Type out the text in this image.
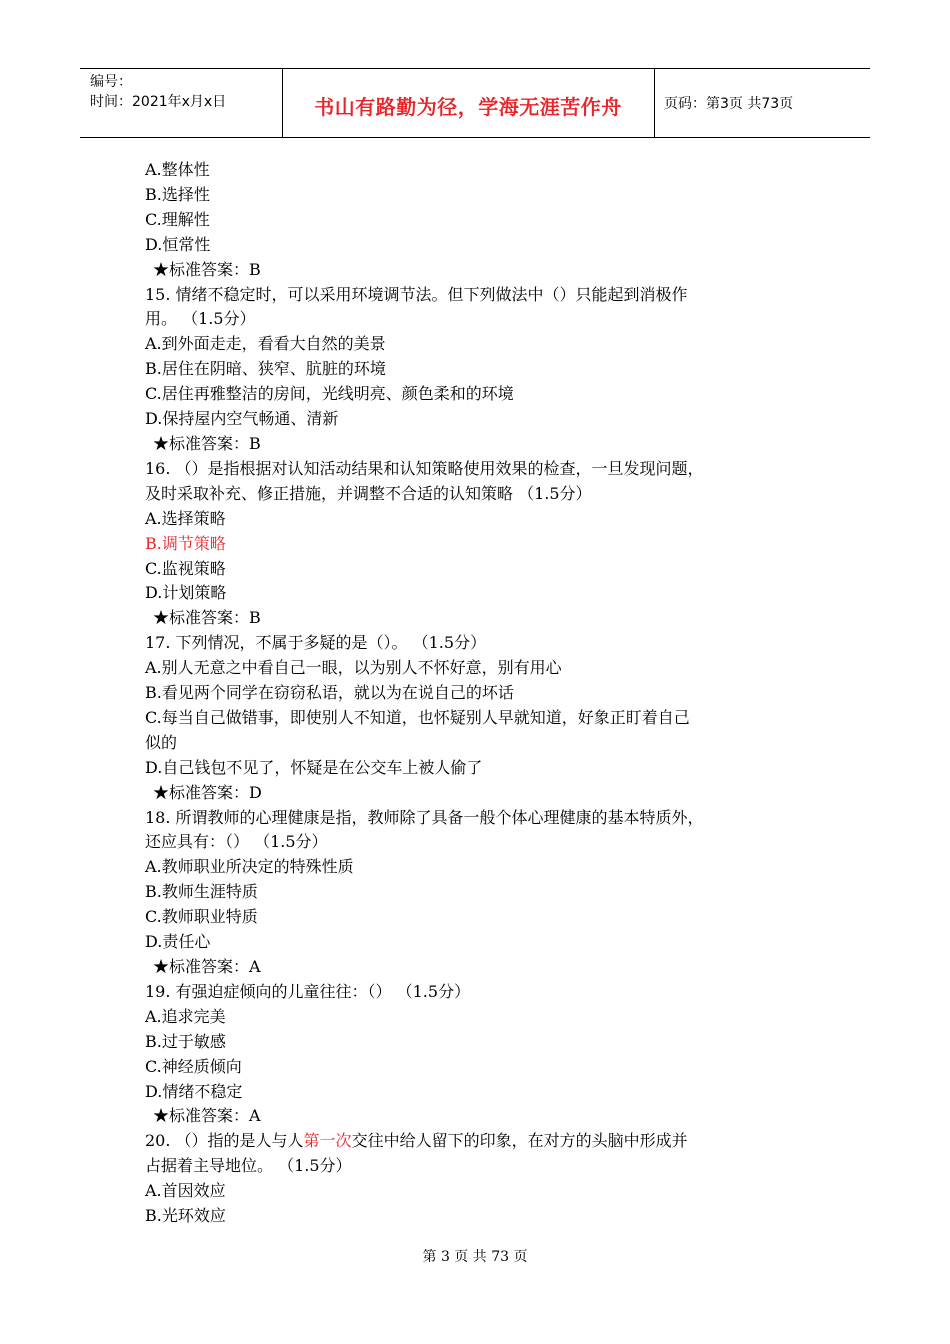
编号：
时间：2021年x月x日	书山有路勤为径，学海无涯苦作舟	页码：第3页 共73页
A.整体性
B.选择性
C.理解性
D.恒常性
★标准答案：B
15. 情绪不稳定时，可以采用环境调节法。但下列做法中（）只能起到消极作
用。 （1.5分）
A.到外面走走，看看大自然的美景
B.居住在阴暗、狭窄、肮脏的环境
C.居住再雅整洁的房间，光线明亮、颜色柔和的环境
D.保持屋内空气畅通、清新
★标准答案：B
16. （）是指根据对认知活动结果和认知策略使用效果的检查，一旦发现问题，
及时采取补充、修正措施，并调整不合适的认知策略 （1.5分）
A.选择策略
B.调节策略
C.监视策略
D.计划策略
★标准答案：B
17. 下列情况，不属于多疑的是（）。 （1.5分）
A.别人无意之中看自己一眼，以为别人不怀好意，别有用心
B.看见两个同学在窃窃私语，就以为在说自己的坏话
C.每当自己做错事，即使别人不知道，也怀疑别人早就知道，好象正盯着自己
似的
D.自己钱包不见了，怀疑是在公交车上被人偷了
★标准答案：D
18. 所谓教师的心理健康是指，教师除了具备一般个体心理健康的基本特质外，
还应具有：（） （1.5分）
A.教师职业所决定的特殊性质
B.教师生涯特质
C.教师职业特质
D.责任心
★标准答案：A
19. 有强迫症倾向的儿童往往：（） （1.5分）
A.追求完美
B.过于敏感
C.神经质倾向
D.情绪不稳定
★标准答案：A
20. （）指的是人与人第一次交往中给人留下的印象，在对方的头脑中形成并
占据着主导地位。 （1.5分）
A.首因效应
B.光环效应
第 3 页 共 73 页
